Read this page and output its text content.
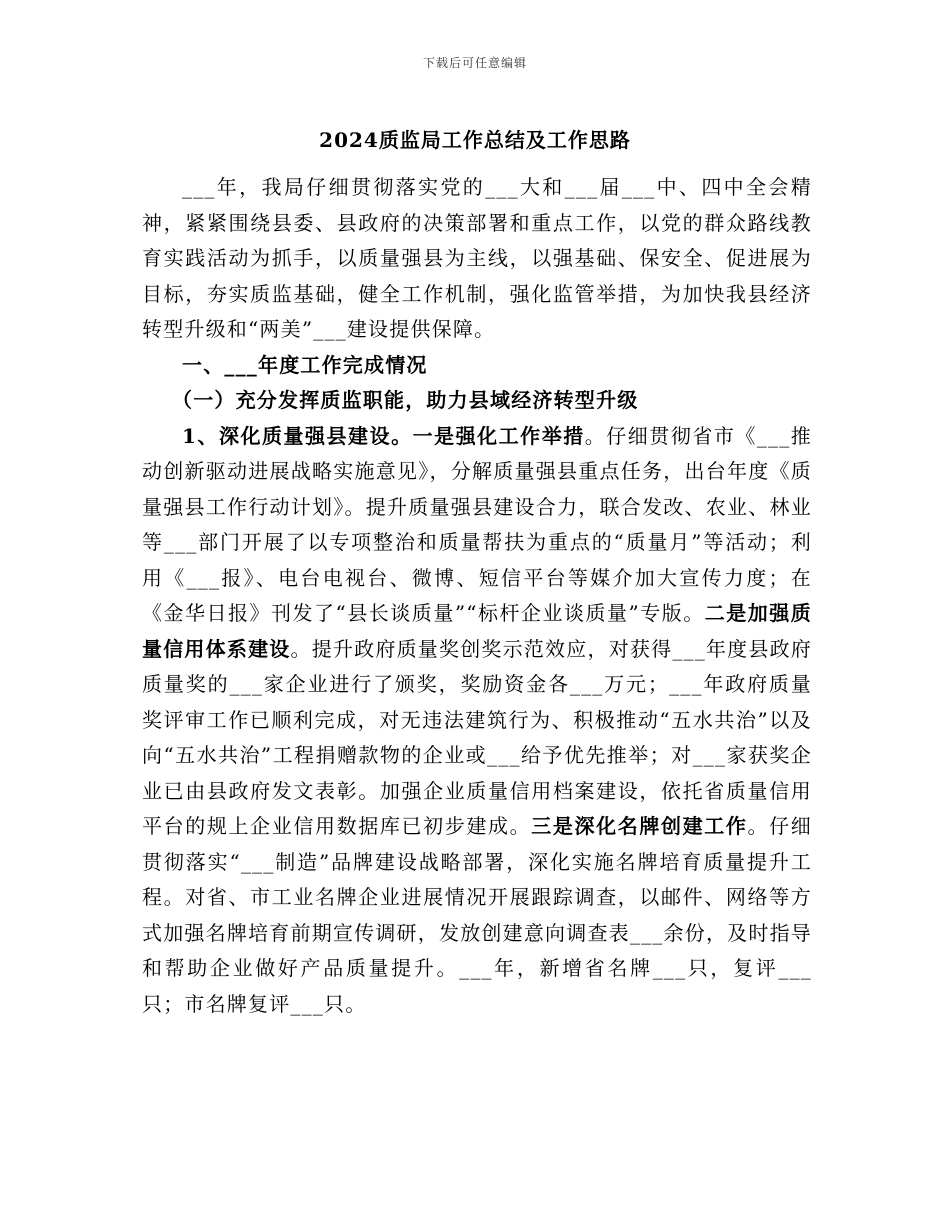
下载后可任意编辑
2024质监局工作总结及工作思路

___年，我局仔细贯彻落实党的___大和___届___中、四中全会精神，紧紧围绕县委、县政府的决策部署和重点工作，以党的群众路线教育实践活动为抓手，以质量强县为主线，以强基础、保安全、促进展为目标，夯实质监基础，健全工作机制，强化监管举措，为加快我县经济转型升级和“两美”___建设提供保障。

一、___年度工作完成情况

（一）充分发挥质监职能，助力县域经济转型升级

1、深化质量强县建设。一是强化工作举措。仔细贯彻省市《___推动创新驱动进展战略实施意见》，分解质量强县重点任务，出台年度《质量强县工作行动计划》。提升质量强县建设合力，联合发改、农业、林业等___部门开展了以专项整治和质量帮扶为重点的“质量月”等活动；利用《___报》、电台电视台、微博、短信平台等媒介加大宣传力度；在《金华日报》刊发了“县长谈质量”“标杆企业谈质量”专版。二是加强质量信用体系建设。提升政府质量奖创奖示范效应，对获得___年度县政府质量奖的___家企业进行了颁奖，奖励资金各___万元；___年政府质量奖评审工作已顺利完成，对无违法建筑行为、积极推动“五水共治”以及向“五水共治”工程捐赠款物的企业或___给予优先推举；对___家获奖企业已由县政府发文表彰。加强企业质量信用档案建设，依托省质量信用平台的规上企业信用数据库已初步建成。三是深化名牌创建工作。仔细贯彻落实“___制造”品牌建设战略部署，深化实施名牌培育质量提升工程。对省、市工业名牌企业进展情况开展跟踪调查，以邮件、网络等方式加强名牌培育前期宣传调研，发放创建意向调查表___余份，及时指导和帮助企业做好产品质量提升。___年，新增省名牌___只，复评___只；市名牌复评___只。
